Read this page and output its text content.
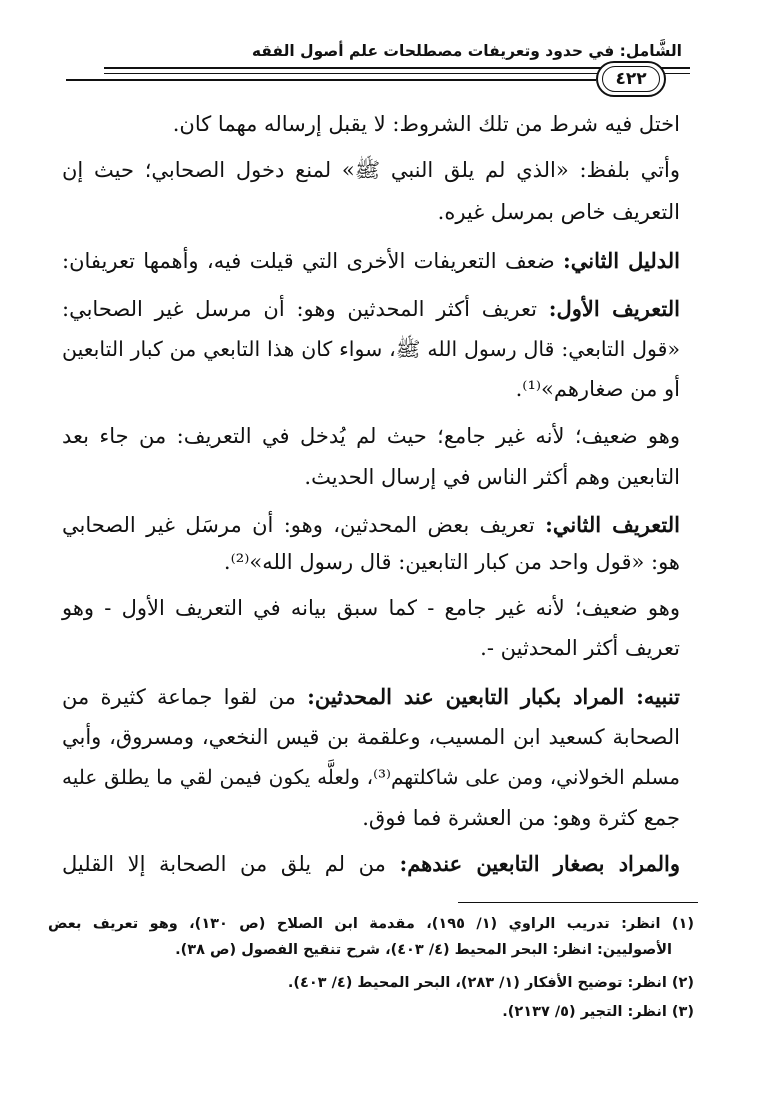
الشَّامل: في حدود وتعريفات مصطلحات علم أصول الفقه
٤٢٢
اختل فيه شرط من تلك الشروط: لا يقبل إرساله مهما كان.
وأتي بلفظ: «الذي لم يلق النبي ﷺ» لمنع دخول الصحابي؛ حيث إن
التعريف خاص بمرسل غيره.
الدليل الثاني: ضعف التعريفات الأخرى التي قيلت فيه، وأهمها تعريفان:
التعريف الأول: تعريف أكثر المحدثين وهو: أن مرسل غير الصحابي:
«قول التابعي: قال رسول الله ﷺ، سواء كان هذا التابعي من كبار التابعين
أو من صغارهم»⁽¹⁾.
وهو ضعيف؛ لأنه غير جامع؛ حيث لم يُدخل في التعريف: من جاء بعد
التابعين وهم أكثر الناس في إرسال الحديث.
التعريف الثاني: تعريف بعض المحدثين، وهو: أن مرسَل غير الصحابي
هو: «قول واحد من كبار التابعين: قال رسول الله»⁽²⁾.
وهو ضعيف؛ لأنه غير جامع - كما سبق بيانه في التعريف الأول - وهو
تعريف أكثر المحدثين -.
تنبيه: المراد بكبار التابعين عند المحدثين: من لقوا جماعة كثيرة من
الصحابة كسعيد ابن المسيب، وعلقمة بن قيس النخعي، ومسروق، وأبي
مسلم الخولاني، ومن على شاكلتهم⁽³⁾، ولعلَّه يكون فيمن لقي ما يطلق عليه
جمع كثرة وهو: من العشرة فما فوق.
والمراد بصغار التابعين عندهم: من لم يلق من الصحابة إلا القليل
(١) انظر: تدريب الراوي (١/ ١٩٥)، مقدمة ابن الصلاح (ص ١٣٠)، وهو تعريف بعض
الأصوليين: انظر: البحر المحيط (٤/ ٤٠٣)، شرح تنقيح الفصول (ص ٣٨).
(٢) انظر: توضيح الأفكار (١/ ٢٨٣)، البحر المحيط (٤/ ٤٠٣).
(٣) انظر: التجير (٥/ ٢١٣٧).
